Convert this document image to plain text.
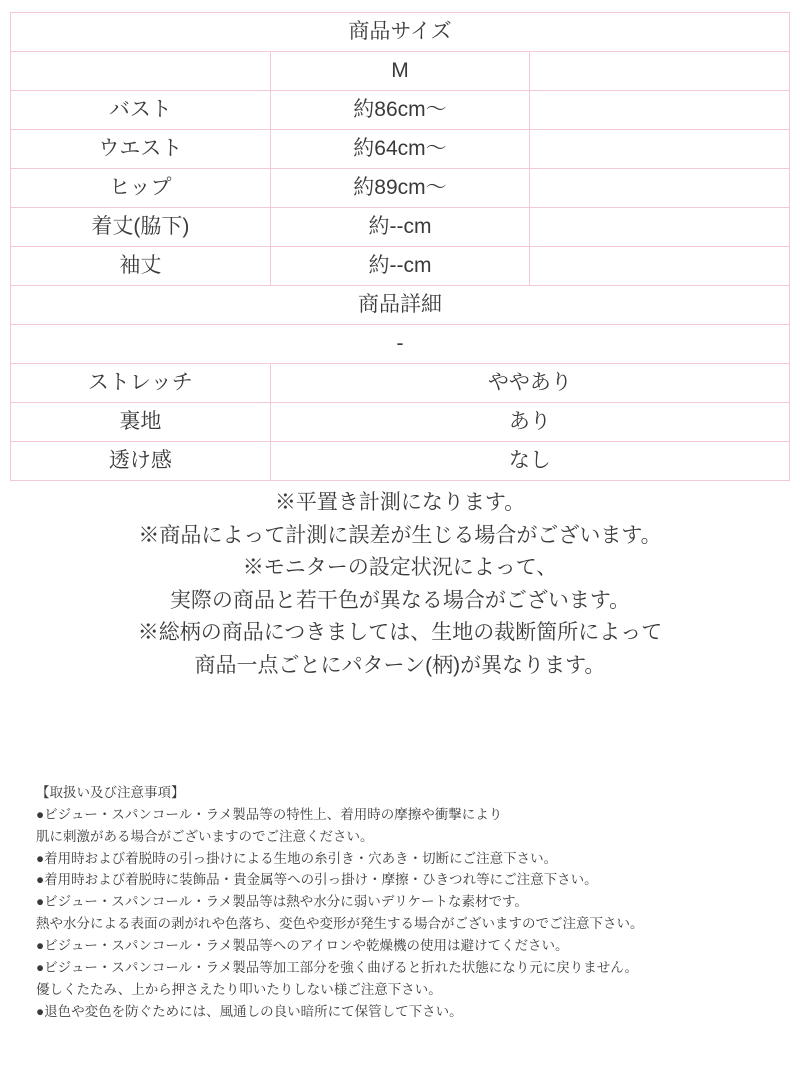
商品サイズ		
	M	
バスト	約86cm～	
ウエスト	約64cm～	
ヒップ	約89cm～	
着丈(脇下)	約--cm	
袖丈	約--cm	
商品詳細		
-		
ストレッチ	ややあり	
裏地	あり	
透け感	なし	
※平置き計測になります。
※商品によって計測に誤差が生じる場合がございます。
※モニターの設定状況によって、
実際の商品と若干色が異なる場合がございます。
※総柄の商品につきましては、生地の裁断箇所によって
商品一点ごとにパターン(柄)が異なります。
【取扱い及び注意事項】
●ビジュー・スパンコール・ラメ製品等の特性上、着用時の摩擦や衝撃により
肌に刺激がある場合がございますのでご注意ください。
●着用時および着脱時の引っ掛けによる生地の糸引き・穴あき・切断にご注意下さい。
●着用時および着脱時に装飾品・貴金属等への引っ掛け・摩擦・ひきつれ等にご注意下さい。
●ビジュー・スパンコール・ラメ製品等は熱や水分に弱いデリケートな素材です。
熱や水分による表面の剥がれや色落ち、変色や変形が発生する場合がございますのでご注意下さい。
●ビジュー・スパンコール・ラメ製品等へのアイロンや乾燥機の使用は避けてください。
●ビジュー・スパンコール・ラメ製品等加工部分を強く曲げると折れた状態になり元に戻りません。
優しくたたみ、上から押さえたり叩いたりしない様ご注意下さい。
●退色や変色を防ぐためには、風通しの良い暗所にて保管して下さい。
